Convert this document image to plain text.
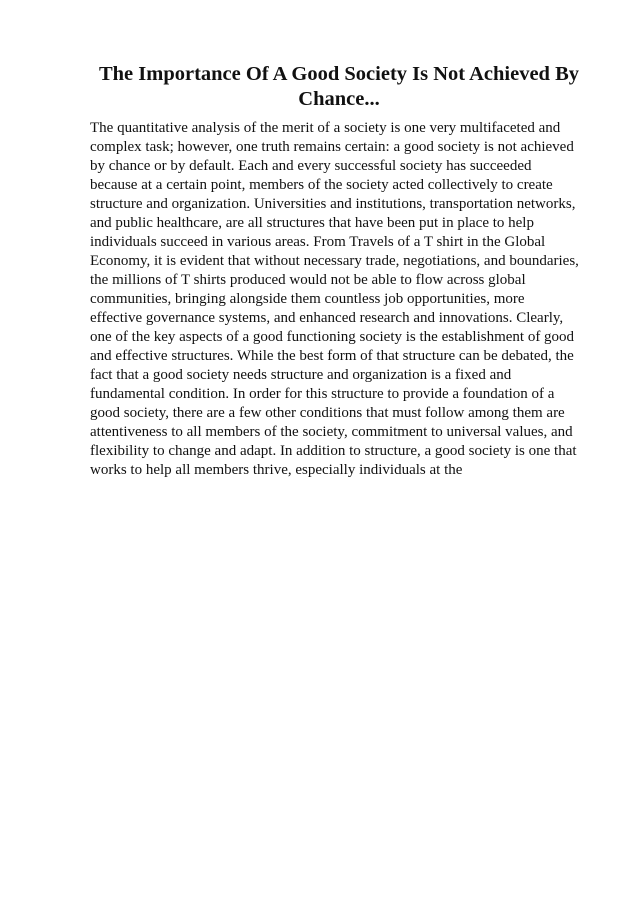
The Importance Of A Good Society Is Not Achieved By Chance...

The quantitative analysis of the merit of a society is one very multifaceted and complex task; however, one truth remains certain: a good society is not achieved by chance or by default. Each and every successful society has succeeded because at a certain point, members of the society acted collectively to create structure and organization. Universities and institutions, transportation networks, and public healthcare, are all structures that have been put in place to help individuals succeed in various areas. From Travels of a T shirt in the Global Economy, it is evident that without necessary trade, negotiations, and boundaries, the millions of T shirts produced would not be able to flow across global communities, bringing alongside them countless job opportunities, more effective governance systems, and enhanced research and innovations. Clearly, one of the key aspects of a good functioning society is the establishment of good and effective structures. While the best form of that structure can be debated, the fact that a good society needs structure and organization is a fixed and fundamental condition. In order for this structure to provide a foundation of a good society, there are a few other conditions that must follow among them are attentiveness to all members of the society, commitment to universal values, and flexibility to change and adapt. In addition to structure, a good society is one that works to help all members thrive, especially individuals at the
